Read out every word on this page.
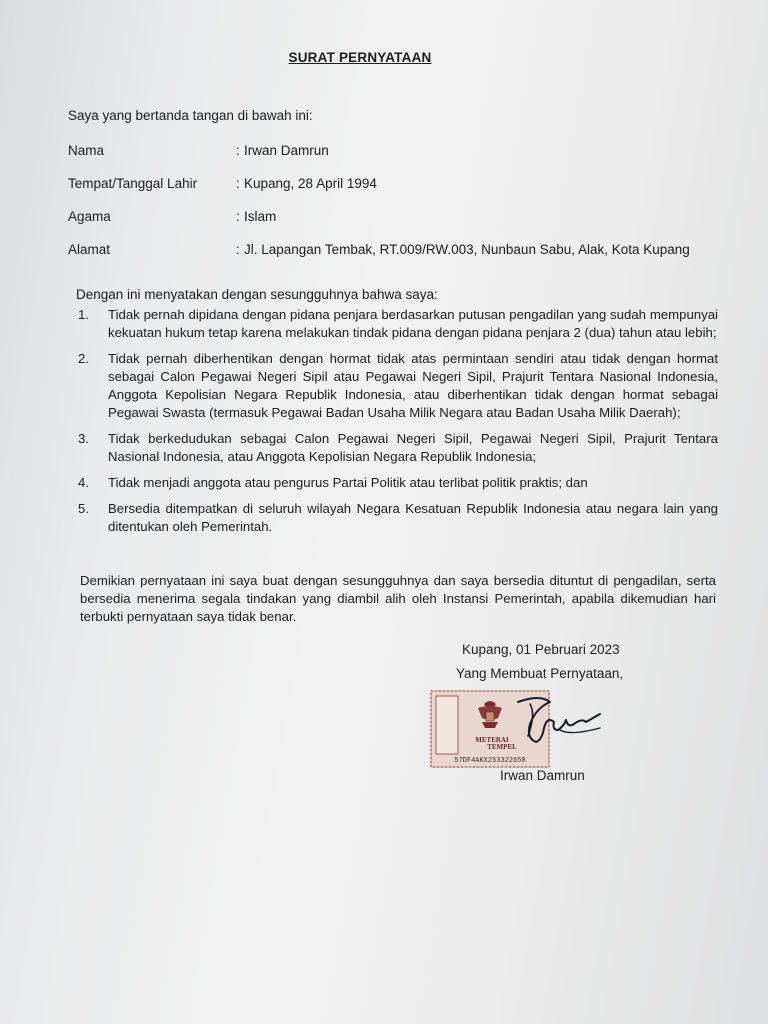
SURAT PERNYATAAN
Saya yang bertanda tangan di bawah ini:
Nama	: Irwan Damrun
Tempat/Tanggal Lahir	: Kupang, 28 April 1994
Agama	: Islam
Alamat	: Jl. Lapangan Tembak, RT.009/RW.003, Nunbaun Sabu, Alak, Kota Kupang
Dengan ini menyatakan dengan sesungguhnya bahwa saya:
1. Tidak pernah dipidana dengan pidana penjara berdasarkan putusan pengadilan yang sudah mempunyai kekuatan hukum tetap karena melakukan tindak pidana dengan pidana penjara 2 (dua) tahun atau lebih;
2. Tidak pernah diberhentikan dengan hormat tidak atas permintaan sendiri atau tidak dengan hormat sebagai Calon Pegawai Negeri Sipil atau Pegawai Negeri Sipil, Prajurit Tentara Nasional Indonesia, Anggota Kepolisian Negara Republik Indonesia, atau diberhentikan tidak dengan hormat sebagai Pegawai Swasta (termasuk Pegawai Badan Usaha Milik Negara atau Badan Usaha Milik Daerah);
3. Tidak berkedudukan sebagai Calon Pegawai Negeri Sipil, Pegawai Negeri Sipil, Prajurit Tentara Nasional Indonesia, atau Anggota Kepolisian Negara Republik Indonesia;
4. Tidak menjadi anggota atau pengurus Partai Politik atau terlibat politik praktis; dan
5. Bersedia ditempatkan di seluruh wilayah Negara Kesatuan Republik Indonesia atau negara lain yang ditentukan oleh Pemerintah.
Demikian pernyataan ini saya buat dengan sesungguhnya dan saya bersedia dituntut di pengadilan, serta bersedia menerima segala tindakan yang diambil alih oleh Instansi Pemerintah, apabila dikemudian hari terbukti pernyataan saya tidak benar.
Kupang, 01 Pebruari 2023
Yang Membuat Pernyataan,
METERAI
TEMPEL
57DF4AKX253322658
Irwan Damrun
